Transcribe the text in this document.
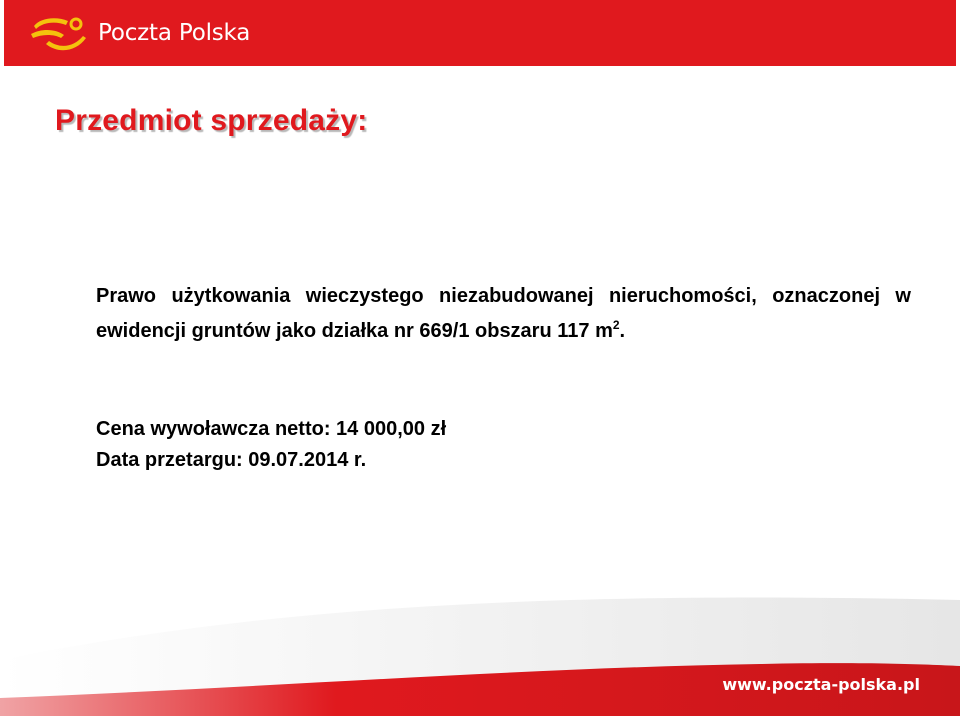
Poczta Polska
Przedmiot sprzedaży:

Prawo użytkowania wieczystego niezabudowanej nieruchomości, oznaczonej w ewidencji gruntów jako działka nr 669/1 obszaru 117 $m^2$.

Cena wywoławcza netto: 14 000,00 zł
Data przetargu: 09.07.2014 r.
www.poczta-polska.pl
